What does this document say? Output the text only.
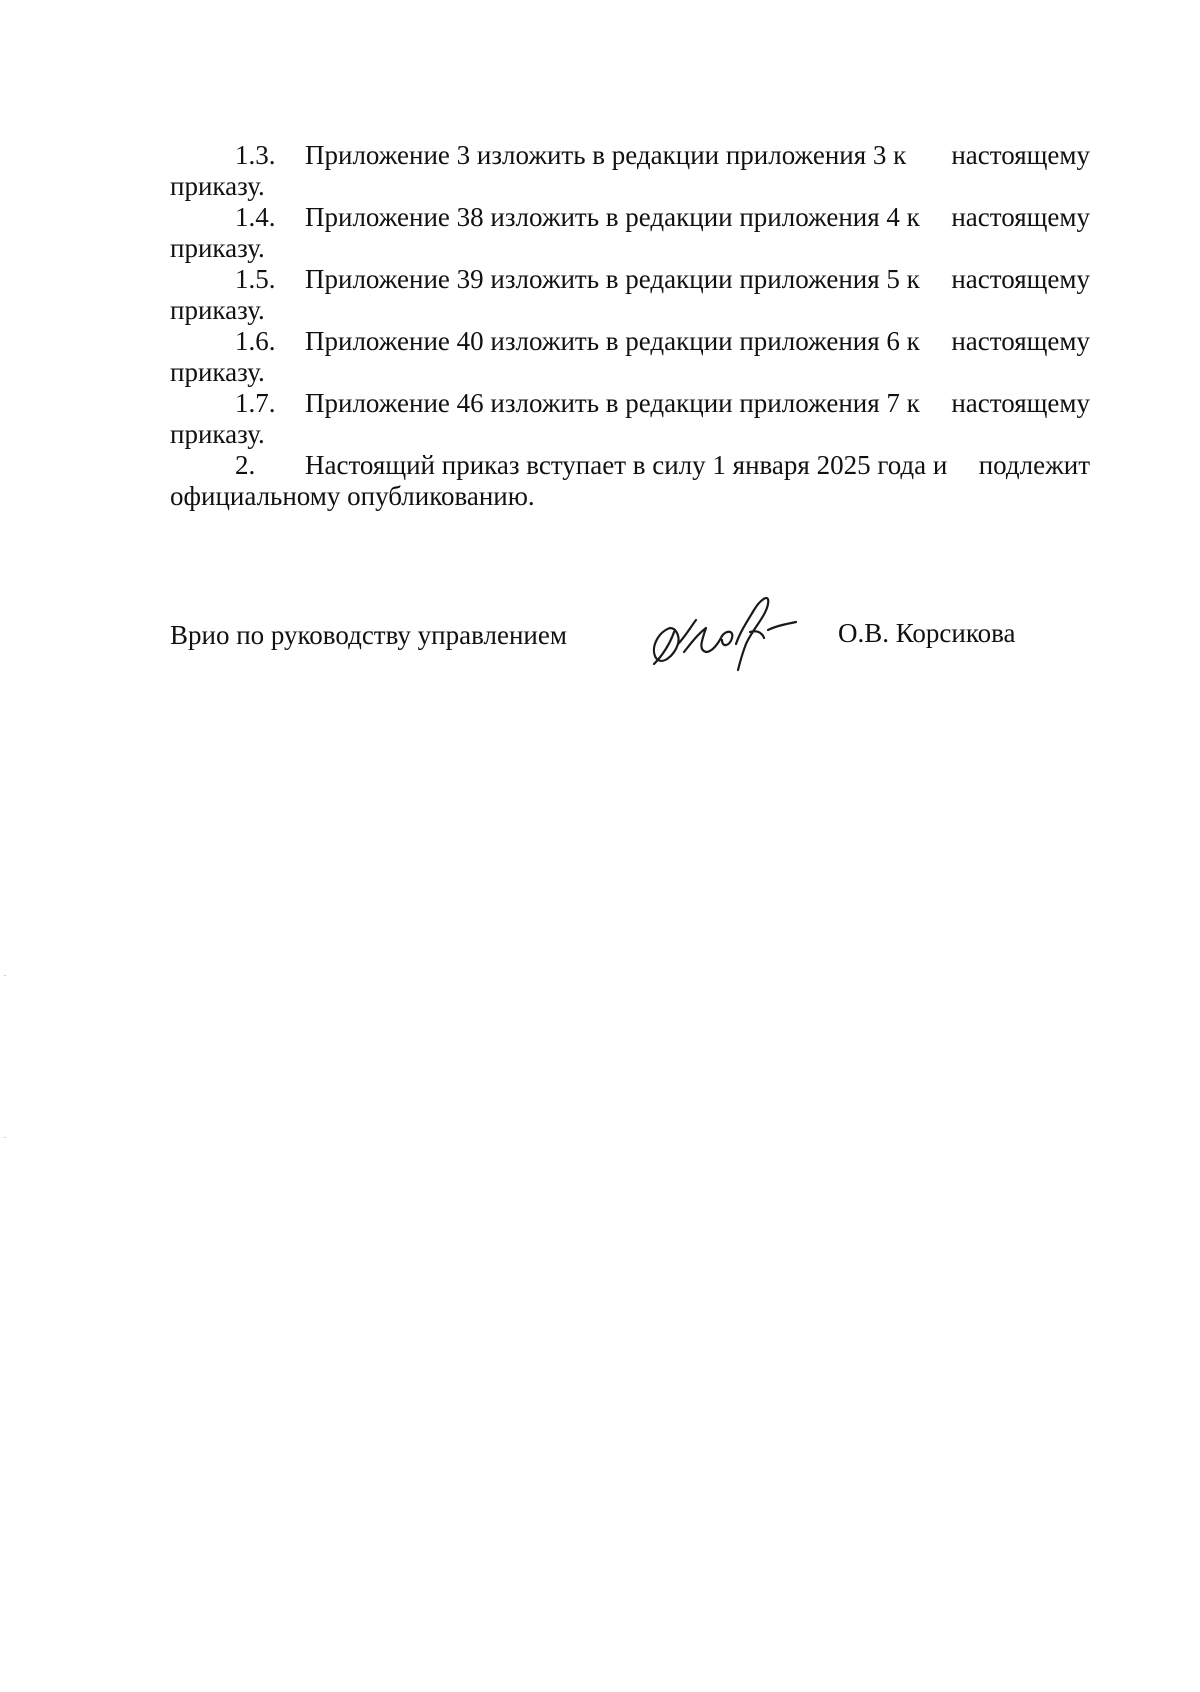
1.3.	Приложение 3 изложить в редакции приложения 3 к настоящему
приказу.
1.4.	Приложение 38 изложить в редакции приложения 4 к настоящему
приказу.
1.5.	Приложение 39 изложить в редакции приложения 5 к настоящему
приказу.
1.6.	Приложение 40 изложить в редакции приложения 6 к настоящему
приказу.
1.7.	Приложение 46 изложить в редакции приложения 7 к настоящему
приказу.
2.	Настоящий приказ вступает в силу 1 января 2025 года и подлежит
официальному опубликованию.
Врио по руководству управлением	О.В. Корсикова
